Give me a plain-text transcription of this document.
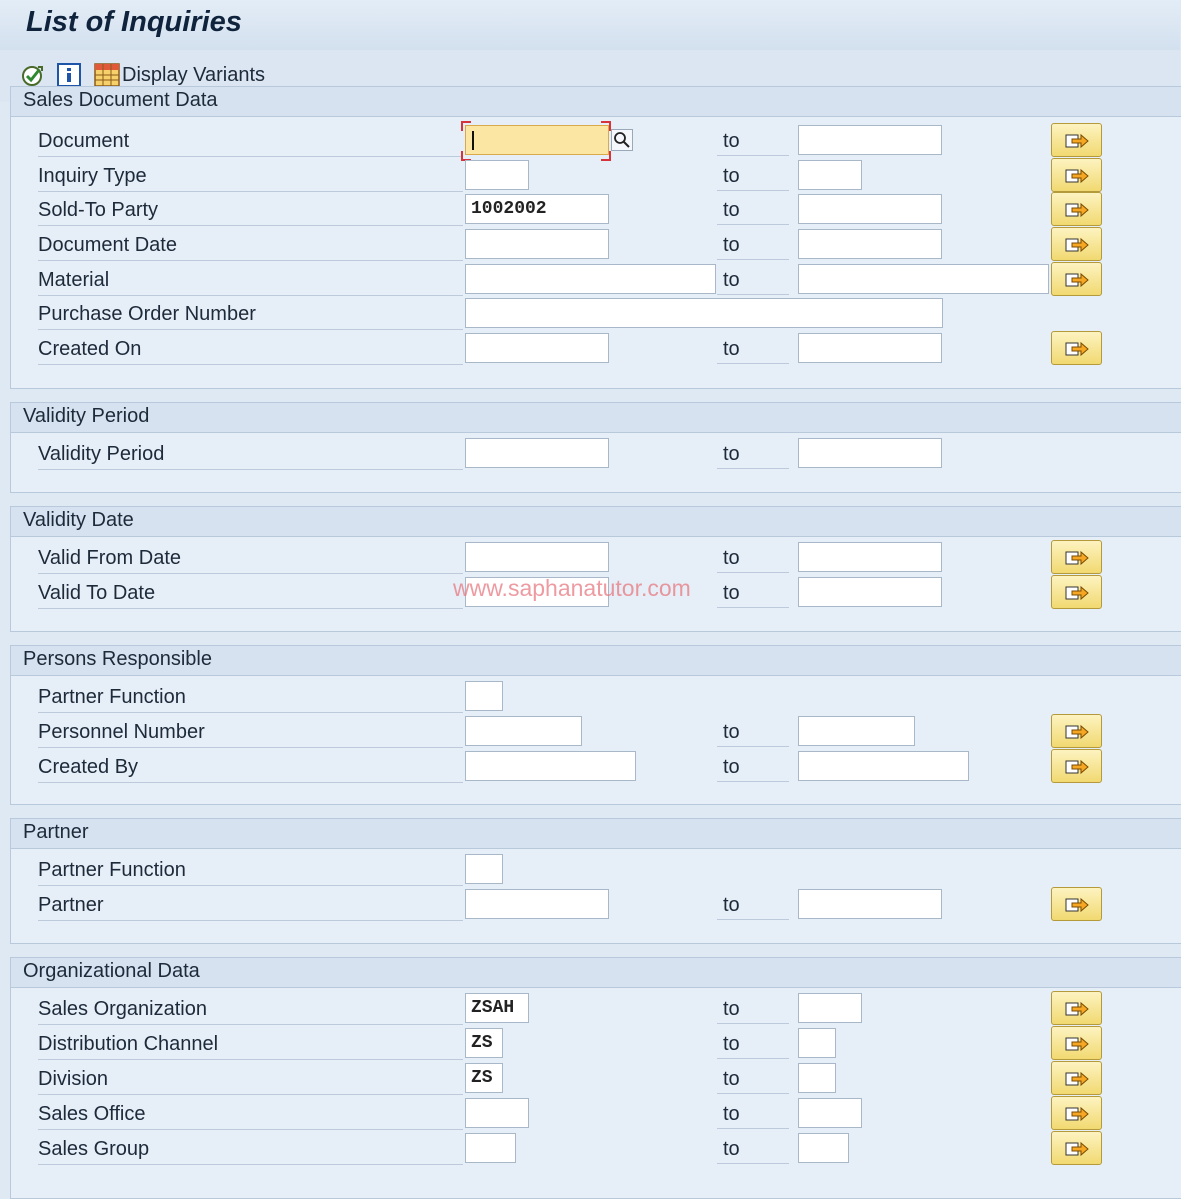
List of Inquiries
Display Variants
Sales Document Data
Document	to
Inquiry Type	to
Sold-To Party	1002002	to
Document Date	to
Material	to
Purchase Order Number
Created On	to
Validity Period
Validity Period	to
Validity Date
Valid From Date	to
Valid To Date	to
Persons Responsible
Partner Function
Personnel Number	to
Created By	to
Partner
Partner Function
Partner	to
Organizational Data
Sales Organization	ZSAH	to
Distribution Channel	ZS	to
Division	ZS	to
Sales Office	to
Sales Group	to
www.saphanatutor.com
